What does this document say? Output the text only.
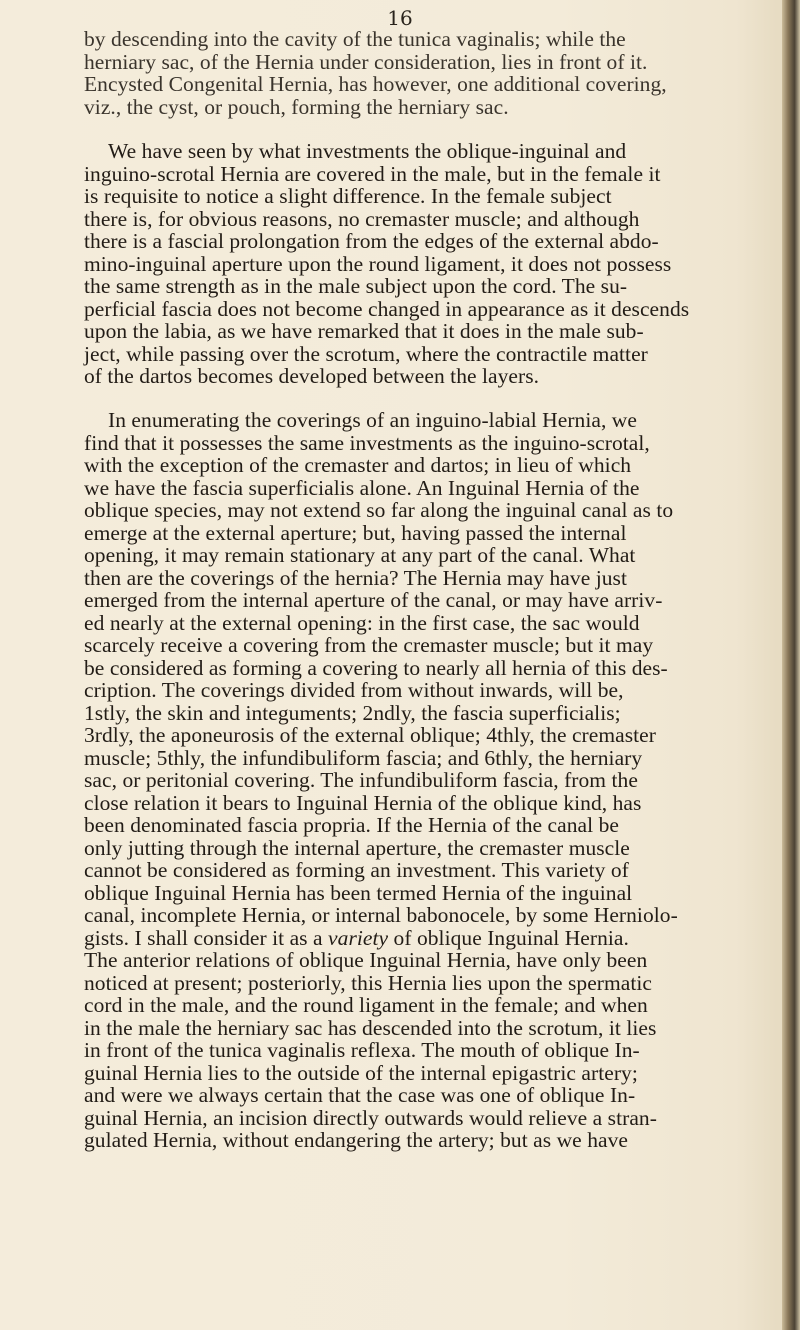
16
by descending into the cavity of the tunica vaginalis; while the
herniary sac, of the Hernia under consideration, lies in front of it.
Encysted Congenital Hernia, has however, one additional covering,
viz., the cyst, or pouch, forming the herniary sac.
We have seen by what investments the oblique-inguinal and
inguino-scrotal Hernia are covered in the male, but in the female it
is requisite to notice a slight difference. In the female subject
there is, for obvious reasons, no cremaster muscle; and although
there is a fascial prolongation from the edges of the external abdo-
mino-inguinal aperture upon the round ligament, it does not possess
the same strength as in the male subject upon the cord. The su-
perficial fascia does not become changed in appearance as it descends
upon the labia, as we have remarked that it does in the male sub-
ject, while passing over the scrotum, where the contractile matter
of the dartos becomes developed between the layers.
In enumerating the coverings of an inguino-labial Hernia, we
find that it possesses the same investments as the inguino-scrotal,
with the exception of the cremaster and dartos; in lieu of which
we have the fascia superficialis alone. An Inguinal Hernia of the
oblique species, may not extend so far along the inguinal canal as to
emerge at the external aperture; but, having passed the internal
opening, it may remain stationary at any part of the canal. What
then are the coverings of the hernia? The Hernia may have just
emerged from the internal aperture of the canal, or may have arriv-
ed nearly at the external opening: in the first case, the sac would
scarcely receive a covering from the cremaster muscle; but it may
be considered as forming a covering to nearly all hernia of this des-
cription. The coverings divided from without inwards, will be,
1stly, the skin and integuments; 2ndly, the fascia superficialis;
3rdly, the aponeurosis of the external oblique; 4thly, the cremaster
muscle; 5thly, the infundibuliform fascia; and 6thly, the herniary
sac, or peritonial covering. The infundibuliform fascia, from the
close relation it bears to Inguinal Hernia of the oblique kind, has
been denominated fascia propria. If the Hernia of the canal be
only jutting through the internal aperture, the cremaster muscle
cannot be considered as forming an investment. This variety of
oblique Inguinal Hernia has been termed Hernia of the inguinal
canal, incomplete Hernia, or internal babonocele, by some Herniolo-
gists. I shall consider it as a variety of oblique Inguinal Hernia.
The anterior relations of oblique Inguinal Hernia, have only been
noticed at present; posteriorly, this Hernia lies upon the spermatic
cord in the male, and the round ligament in the female; and when
in the male the herniary sac has descended into the scrotum, it lies
in front of the tunica vaginalis reflexa. The mouth of oblique In-
guinal Hernia lies to the outside of the internal epigastric artery;
and were we always certain that the case was one of oblique In-
guinal Hernia, an incision directly outwards would relieve a stran-
gulated Hernia, without endangering the artery; but as we have
